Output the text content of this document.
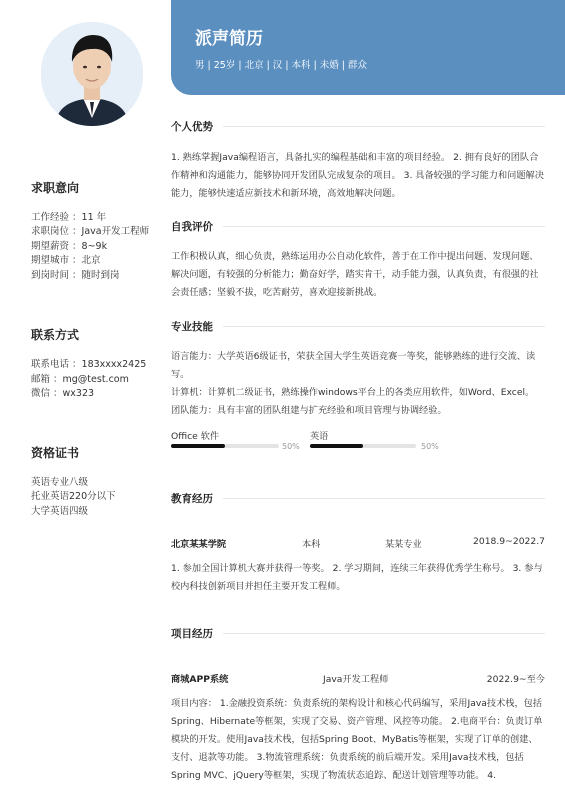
求职意向
工作经验 ：11 年
求职岗位 ：Java开发工程师
期望薪资 ：8~9k
期望城市 ：北京
到岗时间 ：随时到岗
联系方式
联系电话 ：183xxxx2425
邮箱 ：mg@test.com
微信 ：wx323
资格证书
英语专业八级
托业英语220分以下
大学英语四级
派声简历
男 | 25岁 | 北京 | 汉 | 本科 | 未婚 | 群众
个人优势
1. 熟练掌握Java编程语言，具备扎实的编程基础和丰富的项目经验。 2. 拥有良好的团队合作精神和沟通能力，能够协同开发团队完成复杂的项目。 3. 具备较强的学习能力和问题解决能力，能够快速适应新技术和新环境，高效地解决问题。
自我评价
工作积极认真，细心负责，熟练运用办公自动化软件，善于在工作中提出问题、发现问题、解决问题，有较强的分析能力；勤奋好学，踏实肯干，动手能力强，认真负责，有很强的社会责任感；坚毅不拔，吃苦耐劳，喜欢迎接新挑战。
专业技能
语言能力：大学英语6级证书，荣获全国大学生英语竞赛一等奖，能够熟练的进行交流、读写。
计算机：计算机二级证书，熟练操作windows平台上的各类应用软件，如Word、Excel。
团队能力：具有丰富的团队组建与扩充经验和项目管理与协调经验。
Office 软件
50%
英语
50%
教育经历
北京某某学院	本科	某某专业	2018.9~2022.7
1. 参加全国计算机大赛并获得一等奖。 2. 学习期间，连续三年获得优秀学生称号。 3. 参与校内科技创新项目并担任主要开发工程师。
项目经历
商城APP系统	Java开发工程师	2022.9~至今
项目内容： 1.金融投资系统：负责系统的架构设计和核心代码编写，采用Java技术栈，包括Spring、Hibernate等框架，实现了交易、资产管理、风控等功能。 2.电商平台：负责订单模块的开发。使用Java技术栈，包括Spring Boot、MyBatis等框架，实现了订单的创建、支付、退款等功能。 3.物流管理系统：负责系统的前后端开发。采用Java技术栈，包括Spring MVC、jQuery等框架，实现了物流状态追踪、配送计划管理等功能。 4.
